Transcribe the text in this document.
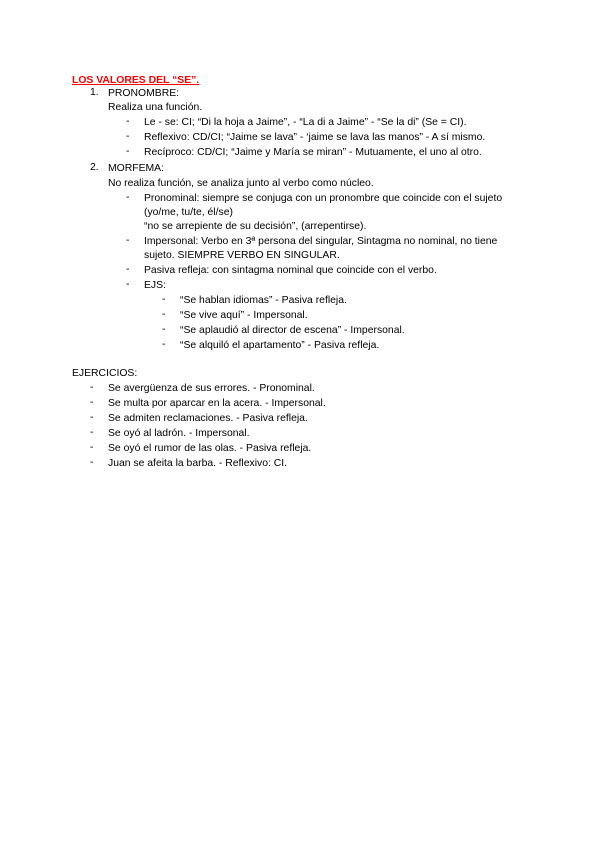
LOS VALORES DEL “SE”.
1. PRONOMBRE:
Realiza una función.
- Le - se: CI; “Di la hoja a Jaime”, - “La di a Jaime” - “Se la di” (Se = CI).
- Reflexivo: CD/CI; “Jaime se lava” - ‘jaime se lava las manos” - A sí mismo.
- Recíproco: CD/CI; “Jaime y María se miran” - Mutuamente, el uno al otro.
2. MORFEMA:
No realiza función, se analiza junto al verbo como núcleo.
- Pronominal: siempre se conjuga con un pronombre que coincide con el sujeto
(yo/me, tu/te, él/se)
“no se arrepiente de su decisión”, (arrepentirse).
- Impersonal: Verbo en 3ª persona del singular, Sintagma no nominal, no tiene
sujeto. SIEMPRE VERBO EN SINGULAR.
- Pasiva refleja: con sintagma nominal que coincide con el verbo.
- EJS:
- “Se hablan idiomas” - Pasiva refleja.
- “Se vive aquí” - Impersonal.
- “Se aplaudió al director de escena” - Impersonal.
- “Se alquiló el apartamento” - Pasiva refleja.
EJERCICIOS:
- Se avergüenza de sus errores. - Pronominal.
- Se multa por aparcar en la acera. - Impersonal.
- Se admiten reclamaciones. - Pasiva refleja.
- Se oyó al ladrón. - Impersonal.
- Se oyó el rumor de las olas. - Pasiva refleja.
- Juan se afeita la barba. - Reflexivo: CI.
